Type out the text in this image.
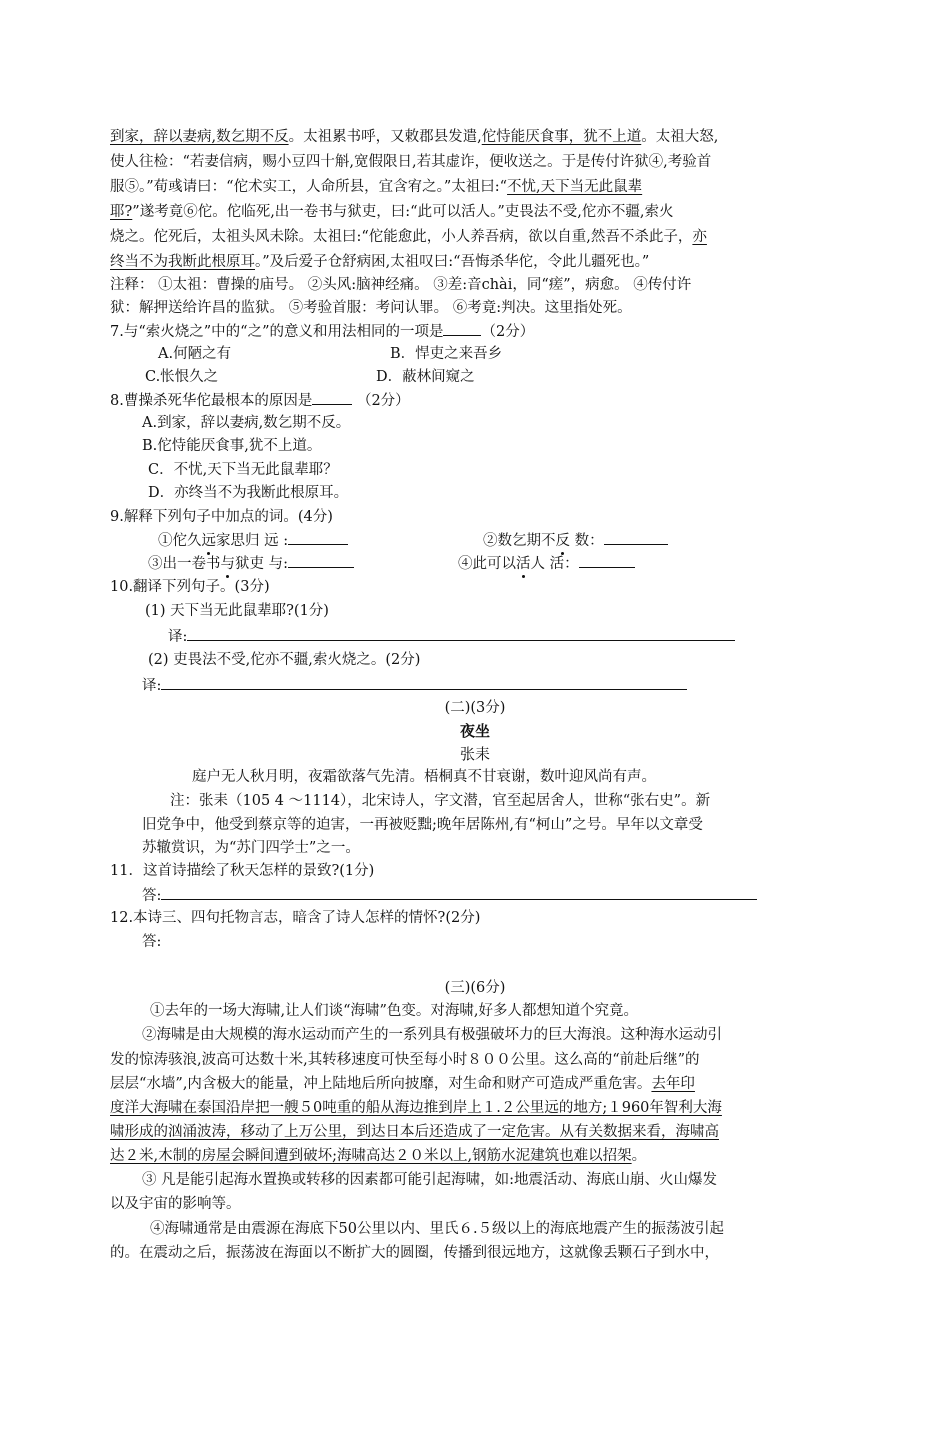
到家，辞以妻病,数乞期不反。太祖累书呼，又敕郡县发遣,佗恃能厌食事，犹不上道。太祖大怒,
使人往检：“若妻信病，赐小豆四十斛,宽假限日,若其虚诈，便收送之。于是传付许狱④,考验首
服⑤。”荀彧请曰：“佗术实工，人命所县，宜含宥之。”太祖曰:“不忧,天下当无此鼠辈
耶?”遂考竟⑥佗。佗临死,出一卷书与狱吏，曰:“此可以活人。”吏畏法不受,佗亦不疆,索火
烧之。佗死后，太祖头风未除。太祖曰:“佗能愈此，小人养吾病，欲以自重,然吾不杀此子，亦
终当不为我断此根原耳。”及后爱子仓舒病困,太祖叹曰:“吾悔杀华佗，令此儿疆死也。”
注释： ①太祖：曹操的庙号。 ②头风:脑神经痛。 ③差:音chài，同“瘥”，病愈。 ④传付许
狱：解押送给许昌的监狱。 ⑤考验首服：考问认罪。 ⑥考竟:判决。这里指处死。
7.与“索火烧之”中的“之”的意义和用法相同的一项是	（2分）
A.何陋之有	B．悍吏之来吾乡
C.怅恨久之	D．蔽林间窥之
8.曹操杀死华佗最根本的原因是	（2分）
A.到家，辞以妻病,数乞期不反。
B.佗恃能厌食事,犹不上道。
C．不忧,天下当无此鼠辈耶？
D．亦终当不为我断此根原耳。
9.解释下列句子中加点的词。(4分)
①佗久远家思归 远 :	②数乞期不反 数：
③出一卷书与狱吏 与:	④此可以活人 活：
10.翻译下列句子。(3分)
(1) 天下当无此鼠辈耶?(1分)
译:
(2) 吏畏法不受,佗亦不疆,索火烧之。(2分)
译:
(二)(3分)
夜坐
张耒
庭户无人秋月明，夜霜欲落气先清。梧桐真不甘衰谢，数叶迎风尚有声。
注：张耒（105 4 ～1114），北宋诗人，字文潜，官至起居舍人，世称“张右史”。新
旧党争中，他受到蔡京等的迫害，一再被贬黜;晚年居陈州,有“柯山”之号。早年以文章受
苏辙赏识，为“苏门四学士”之一。
11．这首诗描绘了秋天怎样的景致?(1分)
答:
12.本诗三、四句托物言志，暗含了诗人怎样的情怀?(2分)
答:
(三)(6分)
①去年的一场大海啸,让人们谈“海啸”色变。对海啸,好多人都想知道个究竟。
②海啸是由大规模的海水运动而产生的一系列具有极强破坏力的巨大海浪。这种海水运动引
发的惊涛骇浪,波高可达数十米,其转移速度可快至每小时８００公里。这么高的“前赴后继”的
层层“水墙”,内含极大的能量，冲上陆地后所向披靡，对生命和财产可造成严重危害。去年印
度洋大海啸在泰国沿岸把一艘５0吨重的船从海边推到岸上１.２公里远的地方;１960年智利大海
啸形成的汹涌波涛，移动了上万公里，到达日本后还造成了一定危害。从有关数据来看，海啸高
达２米,木制的房屋会瞬间遭到破坏;海啸高达２０米以上,钢筋水泥建筑也难以招架。
③ 凡是能引起海水置换或转移的因素都可能引起海啸，如:地震活动、海底山崩、火山爆发
以及宇宙的影响等。
④海啸通常是由震源在海底下50公里以内、里氏６.５级以上的海底地震产生的振荡波引起
的。在震动之后，振荡波在海面以不断扩大的圆圈，传播到很远地方，这就像丢颗石子到水中，
